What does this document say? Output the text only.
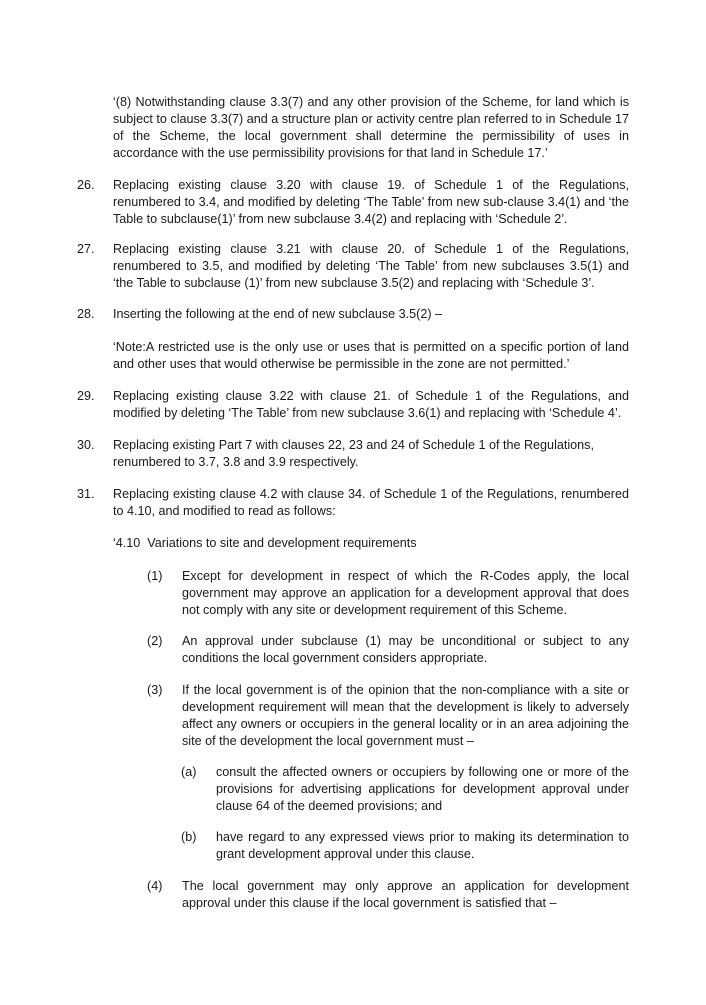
‘(8) Notwithstanding clause 3.3(7) and any other provision of the Scheme, for land which is subject to clause 3.3(7) and a structure plan or activity centre plan referred to in Schedule 17 of the Scheme, the local government shall determine the permissibility of uses in accordance with the use permissibility provisions for that land in Schedule 17.’

26. Replacing existing clause 3.20 with clause 19. of Schedule 1 of the Regulations, renumbered to 3.4, and modified by deleting ‘The Table’ from new sub-clause 3.4(1) and ‘the Table to subclause(1)’ from new subclause 3.4(2) and replacing with ‘Schedule 2’.

27. Replacing existing clause 3.21 with clause 20. of Schedule 1 of the Regulations, renumbered to 3.5, and modified by deleting ‘The Table’ from new subclauses 3.5(1) and ‘the Table to subclause (1)’ from new subclause 3.5(2) and replacing with ‘Schedule 3’.

28. Inserting the following at the end of new subclause 3.5(2) –

‘Note:A restricted use is the only use or uses that is permitted on a specific portion of land and other uses that would otherwise be permissible in the zone are not permitted.’

29. Replacing existing clause 3.22 with clause 21. of Schedule 1 of the Regulations, and modified by deleting ‘The Table’ from new subclause 3.6(1) and replacing with ‘Schedule 4’.

30. Replacing existing Part 7 with clauses 22, 23 and 24 of Schedule 1 of the Regulations, renumbered to 3.7, 3.8 and 3.9 respectively.

31. Replacing existing clause 4.2 with clause 34. of Schedule 1 of the Regulations, renumbered to 4.10, and modified to read as follows:

‘4.10  Variations to site and development requirements

(1) Except for development in respect of which the R-Codes apply, the local government may approve an application for a development approval that does not comply with any site or development requirement of this Scheme.

(2) An approval under subclause (1) may be unconditional or subject to any conditions the local government considers appropriate.

(3) If the local government is of the opinion that the non-compliance with a site or development requirement will mean that the development is likely to adversely affect any owners or occupiers in the general locality or in an area adjoining the site of the development the local government must –

(a) consult the affected owners or occupiers by following one or more of the provisions for advertising applications for development approval under clause 64 of the deemed provisions; and

(b) have regard to any expressed views prior to making its determination to grant development approval under this clause.

(4) The local government may only approve an application for development approval under this clause if the local government is satisfied that –
